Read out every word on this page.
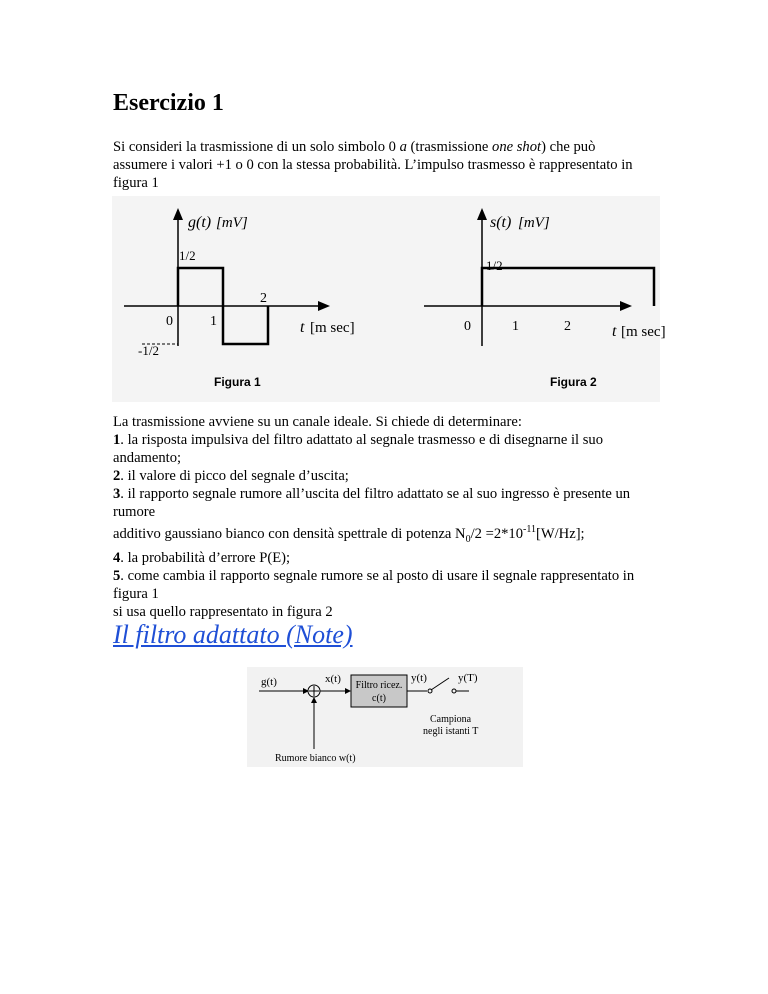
Esercizio 1
Si consideri la trasmissione di un solo simbolo 0 a (trasmissione one shot) che può
assumere i valori +1 o 0 con la stessa probabilità. L’impulso trasmesso è rappresentato in
figura 1
g(t) [mV]
1/2
-1/2
0	1
2
t [m sec]
Figura 1
s(t) [mV]
1/2
0	1	2	t [m sec]
Figura 2
La trasmissione avviene su un canale ideale. Si chiede di determinare:
1. la risposta impulsiva del filtro adattato al segnale trasmesso e di disegnarne il suo
andamento;
2. il valore di picco del segnale d’uscita;
3. il rapporto segnale rumore all’uscita del filtro adattato se al suo ingresso è presente un
rumore
additivo gaussiano bianco con densità spettrale di potenza $N_0/2 =2*10^{-11}[W/Hz]$;
4. la probabilità d’errore P(E);
5. come cambia il rapporto segnale rumore se al posto di usare il segnale rappresentato in
figura 1
si usa quello rappresentato in figura 2
Il filtro adattato (Note)
g(t)	x(t)
Filtro ricez.
c(t)
y(t)	y(T)
Campiona
negli istanti T
Rumore bianco w(t)
